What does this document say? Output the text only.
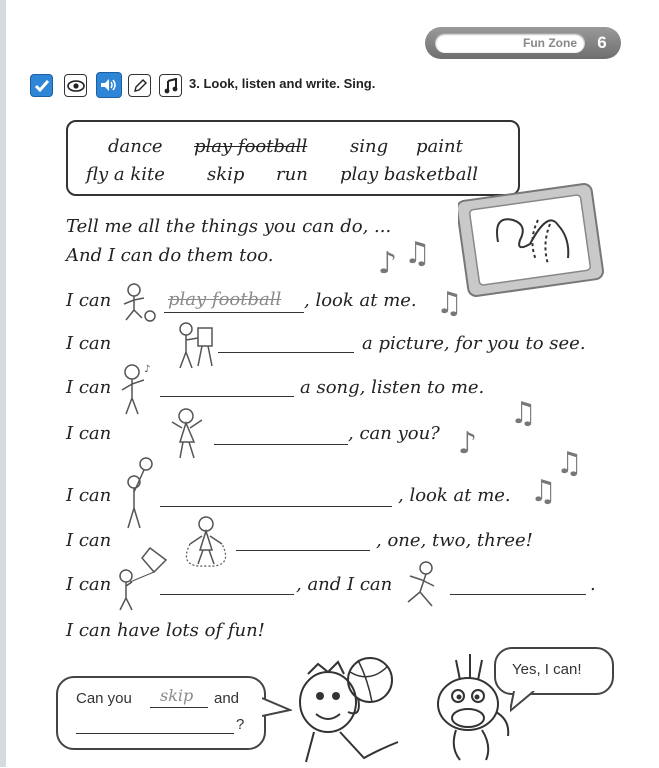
Fun Zone	6
3. Look, listen and write. Sing.
dance play football sing paint
fly a kite skip run play basketball
Tell me all the things you can do, ...
And I can do them too.
I can	play football , look at me.
I can	a picture, for you to see.
I can
♪
a song, listen to me.
I can	, can you?
I can	, look at me.
I can	, one, two, three!
I can	, and I can	.
I can have lots of fun!
♪ ♫
♫
♫
♪
♫
♫
Can you skip and
?
Yes, I can!
